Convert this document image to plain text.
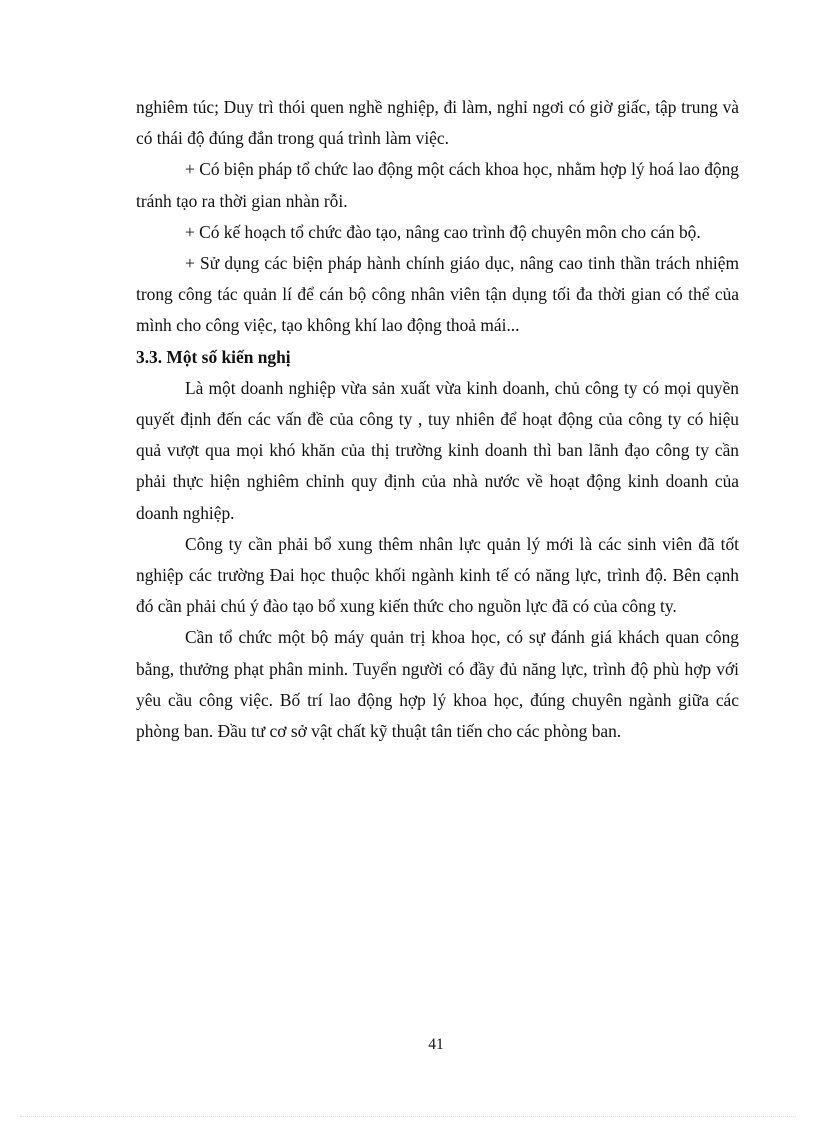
nghiêm túc; Duy trì thói quen nghề nghiệp, đi làm, nghỉ ngơi có giờ giấc, tập trung và có thái độ đúng đắn trong quá trình làm việc.

+ Có biện pháp tổ chức lao động một cách khoa học, nhằm hợp lý hoá lao động tránh tạo ra thời gian nhàn rỗi.

+ Có kế hoạch tổ chức đào tạo, nâng cao trình độ chuyên môn cho cán bộ.

+ Sử dụng các biện pháp hành chính giáo dục, nâng cao tinh thần trách nhiệm trong công tác quản lí để cán bộ công nhân viên tận dụng tối đa thời gian có thể của mình cho công việc, tạo không khí lao động thoả mái...

3.3. Một số kiến nghị

Là một doanh nghiệp vừa sản xuất vừa kinh doanh, chủ công ty có mọi quyền quyết định đến các vấn đề của công ty , tuy nhiên để hoạt động của công ty có hiệu quả vượt qua mọi khó khăn của thị trường kinh doanh thì ban lãnh đạo công ty cần phải thực hiện nghiêm chỉnh quy định của nhà nước về hoạt động kinh doanh của doanh nghiệp.

Công ty cần phải bổ xung thêm nhân lực quản lý mới là các sinh viên đã tốt nghiệp các trường Đai học thuộc khối ngành kinh tế có năng lực, trình độ. Bên cạnh đó cần phải chú ý đào tạo bổ xung kiến thức cho nguồn lực đã có của công ty.

Cần tổ chức một bộ máy quản trị khoa học, có sự đánh giá khách quan công bằng, thưởng phạt phân minh. Tuyển người có đầy đủ năng lực, trình độ phù hợp với yêu cầu công việc. Bố trí lao động hợp lý khoa học, đúng chuyên ngành giữa các phòng ban. Đầu tư cơ sở vật chất kỹ thuật tân tiến cho các phòng ban.

41
